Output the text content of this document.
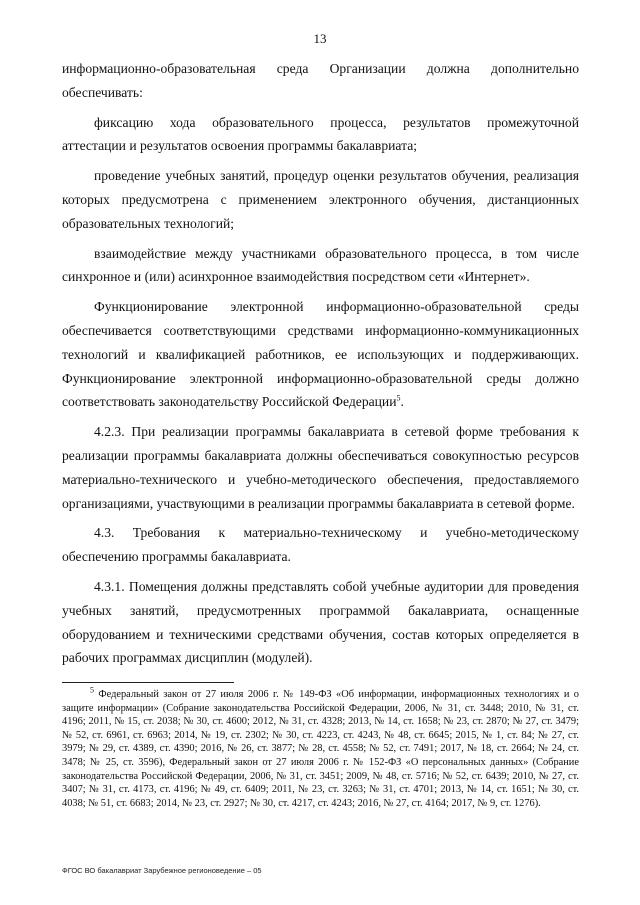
13

информационно-образовательная среда Организации должна дополнительно обеспечивать:

фиксацию хода образовательного процесса, результатов промежуточной аттестации и результатов освоения программы бакалавриата;

проведение учебных занятий, процедур оценки результатов обучения, реализация которых предусмотрена с применением электронного обучения, дистанционных образовательных технологий;

взаимодействие между участниками образовательного процесса, в том числе синхронное и (или) асинхронное взаимодействия посредством сети «Интернет».

Функционирование электронной информационно-образовательной среды обеспечивается соответствующими средствами информационно-коммуникационных технологий и квалификацией работников, ее использующих и поддерживающих. Функционирование электронной информационно-образовательной среды должно соответствовать законодательству Российской Федерации$^5$.

4.2.3. При реализации программы бакалавриата в сетевой форме требования к реализации программы бакалавриата должны обеспечиваться совокупностью ресурсов материально-технического и учебно-методического обеспечения, предоставляемого организациями, участвующими в реализации программы бакалавриата в сетевой форме.

4.3. Требования к материально-техническому и учебно-методическому обеспечению программы бакалавриата.

4.3.1. Помещения должны представлять собой учебные аудитории для проведения учебных занятий, предусмотренных программой бакалавриата, оснащенные оборудованием и техническими средствами обучения, состав которых определяется в рабочих программах дисциплин (модулей).

$^5$ Федеральный закон от 27 июля 2006 г. № 149-ФЗ «Об информации, информационных технологиях и о защите информации» (Собрание законодательства Российской Федерации, 2006, № 31, ст. 3448; 2010, № 31, ст. 4196; 2011, № 15, ст. 2038; № 30, ст. 4600; 2012, № 31, ст. 4328; 2013, № 14, ст. 1658; № 23, ст. 2870; № 27, ст. 3479; № 52, ст. 6961, ст. 6963; 2014, № 19, ст. 2302; № 30, ст. 4223, ст. 4243, № 48, ст. 6645; 2015, № 1, ст. 84; № 27, ст. 3979; № 29, ст. 4389, ст. 4390; 2016, № 26, ст. 3877; № 28, ст. 4558; № 52, ст. 7491; 2017, № 18, ст. 2664; № 24, ст. 3478; № 25, ст. 3596), Федеральный закон от 27 июля 2006 г. № 152-ФЗ «О персональных данных» (Собрание законодательства Российской Федерации, 2006, № 31, ст. 3451; 2009, № 48, ст. 5716; № 52, ст. 6439; 2010, № 27, ст. 3407; № 31, ст. 4173, ст. 4196; № 49, ст. 6409; 2011, № 23, ст. 3263; № 31, ст. 4701; 2013, № 14, ст. 1651; № 30, ст. 4038; № 51, ст. 6683; 2014, № 23, ст. 2927; № 30, ст. 4217, ст. 4243; 2016, № 27, ст. 4164; 2017, № 9, ст. 1276).
ФГОС ВО бакалавриат Зарубежное регионоведение – 05
